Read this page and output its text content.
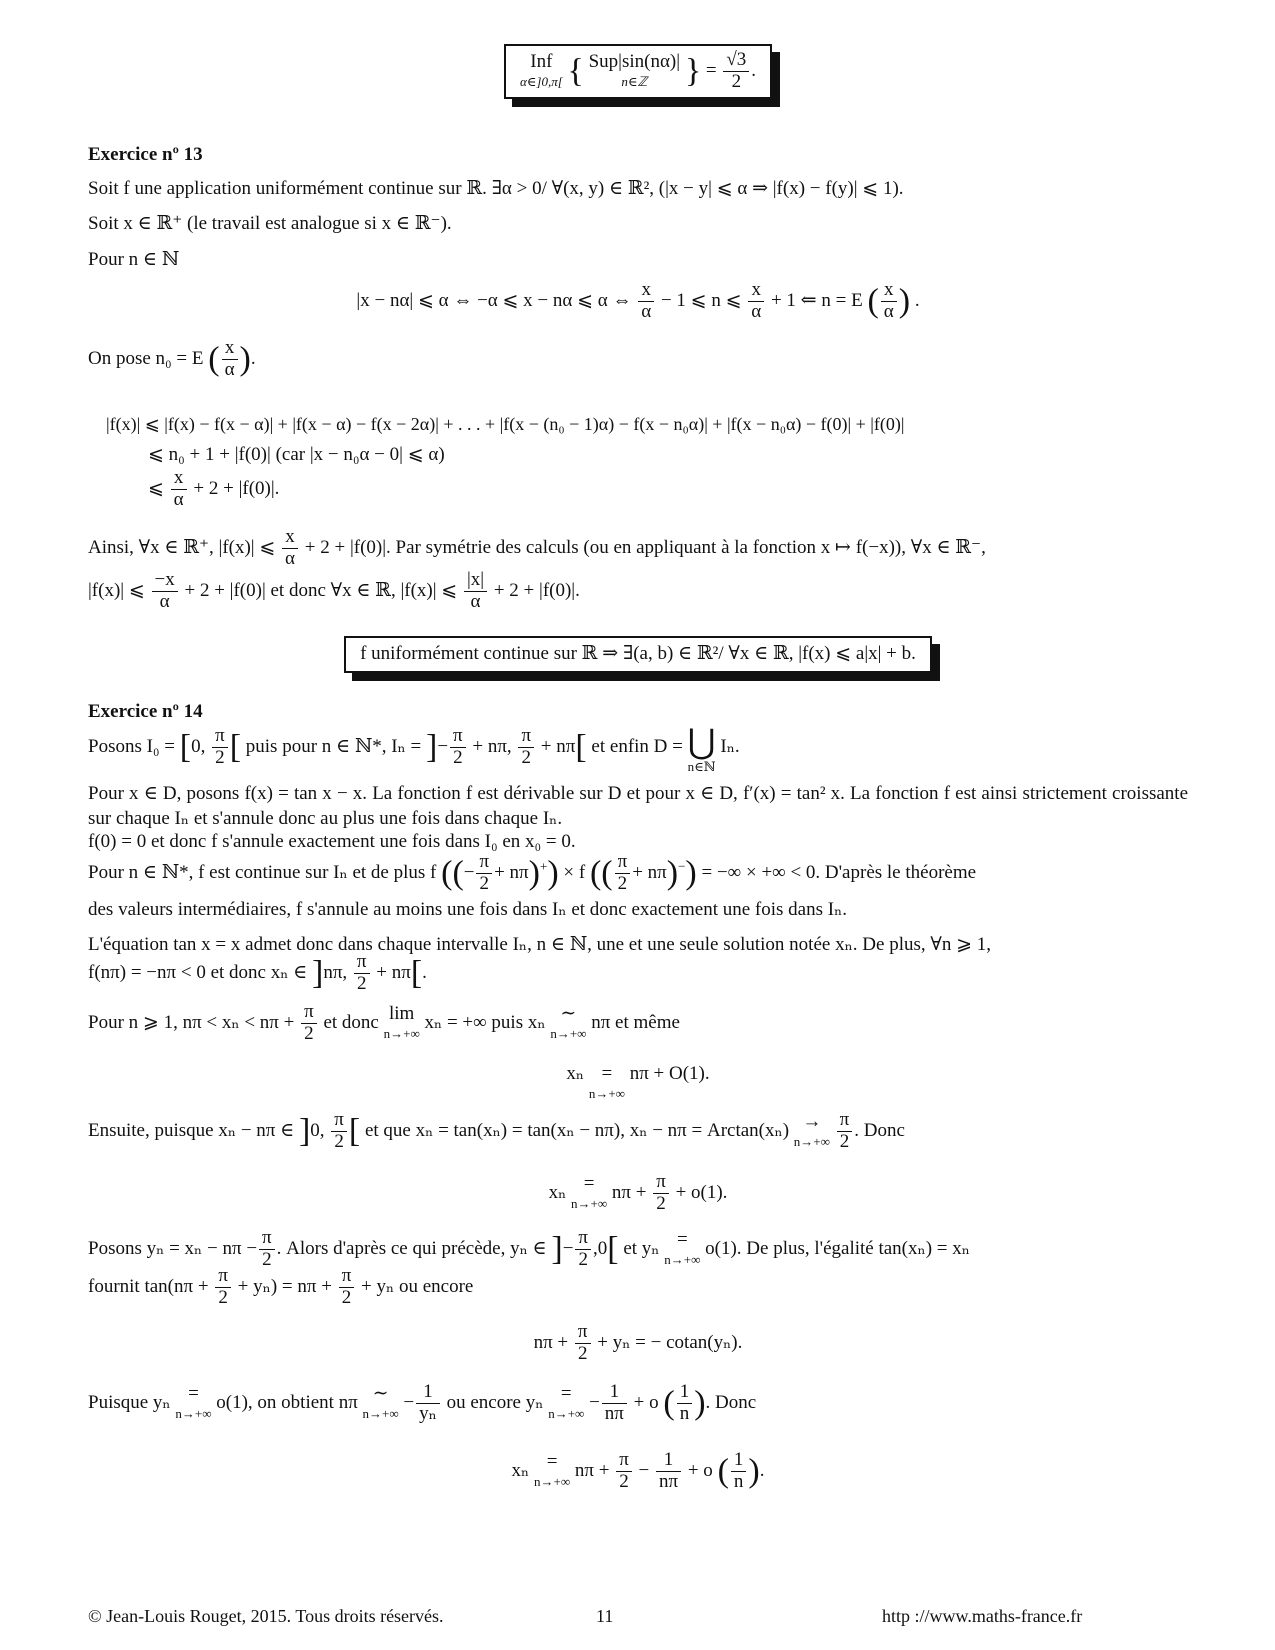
Inf
α∈]0,π[ { Sup|sin(nα)|
n∈ℤ	} = $\frac{√3}{2}$ .
Exercice nº 13

Soit f une application uniformément continue sur ℝ. ∃α > 0/ ∀(x, y) ∈ ℝ², (|x − y| ⩽ α ⇒ |f(x) − f(y)| ⩽ 1).

Soit x ∈ ℝ⁺ (le travail est analogue si x ∈ ℝ⁻).

Pour n ∈ ℕ

|x − nα| ⩽ α ⇔ −α ⩽ x − nα ⩽ α ⇔ $\frac{x}{\alpha} - 1$ ⩽ n ⩽ $\frac{x}{\alpha} + 1$ ⇐ n = E ( $\frac{x}{\alpha}$ ) .
On pose n₀ = E ( $\frac{x}{\alpha}$ ).

|f(x)| ⩽ |f(x) − f(x − α)| + |f(x − α) − f(x − 2α)| + . . . + |f(x − (n₀ − 1)α) − f(x − n₀α)| + |f(x − n₀α) − f(0)| + |f(0)|

⩽ n₀ + 1 + |f(0)| (car |x − n₀α − 0| ⩽ α)

⩽ $\frac{x}{\alpha} + 2 + |f(0)|$.
Ainsi, ∀x ∈ ℝ⁺, |f(x)| ⩽ $\frac{x}{\alpha} + 2 + |f(0)|$. Par symétrie des calculs (ou en appliquant à la fonction x ↦ f(−x)), ∀x ∈ ℝ⁻,
|f(x)| ⩽ $\frac{-x}{\alpha} + 2 + |f(0)|$ et donc ∀x ∈ ℝ, |f(x)| ⩽ $\frac{|x|}{\alpha} + 2 + |f(0)|$.
f uniformément continue sur ℝ ⇒ ∃(a, b) ∈ ℝ²/ ∀x ∈ ℝ, |f(x) ⩽ a|x| + b.
Exercice nº 14
Posons I₀ = [0, $\frac{\pi}{2}$ [ puis pour n ∈ ℕ*, Iₙ = ]− $\frac{\pi}{2} + n\pi$, $\frac{\pi}{2} + n\pi$[ et enfin D = ⋃
n∈ℕ
Iₙ.

Pour x ∈ D, posons f(x) = tan x − x. La fonction f est dérivable sur D et pour x ∈ D, f′(x) = tan² x. La fonction f est ainsi strictement croissante sur chaque Iₙ et s'annule donc au plus une fois dans chaque Iₙ.

f(0) = 0 et donc f s'annule exactement une fois dans I₀ en x₀ = 0.

Pour n ∈ ℕ*, f est continue sur Iₙ et de plus f ((− $\frac{\pi}{2} + n\pi)^+) \times f$ (( $\frac{\pi}{2} + n\pi)^-$) = −∞ × +∞ < 0. D'après le théorème

des valeurs intermédiaires, f s'annule au moins une fois dans Iₙ et donc exactement une fois dans Iₙ.

L'équation tan x = x admet donc dans chaque intervalle Iₙ, n ∈ ℕ, une et une seule solution notée xₙ. De plus, ∀n ⩾ 1,

f(nπ) = −nπ < 0 et donc xₙ ∈ ]nπ, $\frac{\pi}{2} + n\pi$[.
Pour n ⩾ 1, $n\pi < x_n < n\pi + \frac{\pi}{2}$ et donc lim
n→+∞
xₙ = +∞ puis xₙ ∼
n→+∞
nπ et même
xₙ =
n→+∞
nπ + O(1).
Ensuite, puisque xₙ − nπ ∈ ]0, $\frac{\pi}{2}$ [ et que xₙ = tan(xₙ) = tan(xₙ − nπ), xₙ − nπ = Arctan(xₙ) →
n→+∞
$\frac{\pi}{2}$ . Donc
xₙ =
n→+∞
$n\pi + \frac{\pi}{2} + o(1)$.
Posons $y_n = x_n - n\pi - \frac{\pi}{2}$ . Alors d'après ce qui précède, yₙ ∈ ]− $\frac{\pi}{2} ,0$[ et yₙ =
n→+∞
o(1). De plus, l'égalité tan(xₙ) = xₙ
fournit $\tan(n\pi + \frac{\pi}{2} + y_n) = n\pi + \frac{\pi}{2} + y_n$ ou encore
$n\pi + \frac{\pi}{2} + y_n$ = − cotan(yₙ).
Puisque yₙ =
n→+∞
o(1), on obtient nπ ∼
n→+∞
− $\frac{1}{\text{yₙ}}$ ou encore yₙ =
n→+∞
− $\frac{1}{n\pi} + o$ ( $\frac{1}{n}$ ). Donc
xₙ =
n→+∞
$n\pi + \frac{\pi}{2} - \frac{1}{n\pi} + o$ ( $\frac{1}{n}$ ).
© Jean-Louis Rouget, 2015. Tous droits réservés.	11	http ://www.maths-france.fr
